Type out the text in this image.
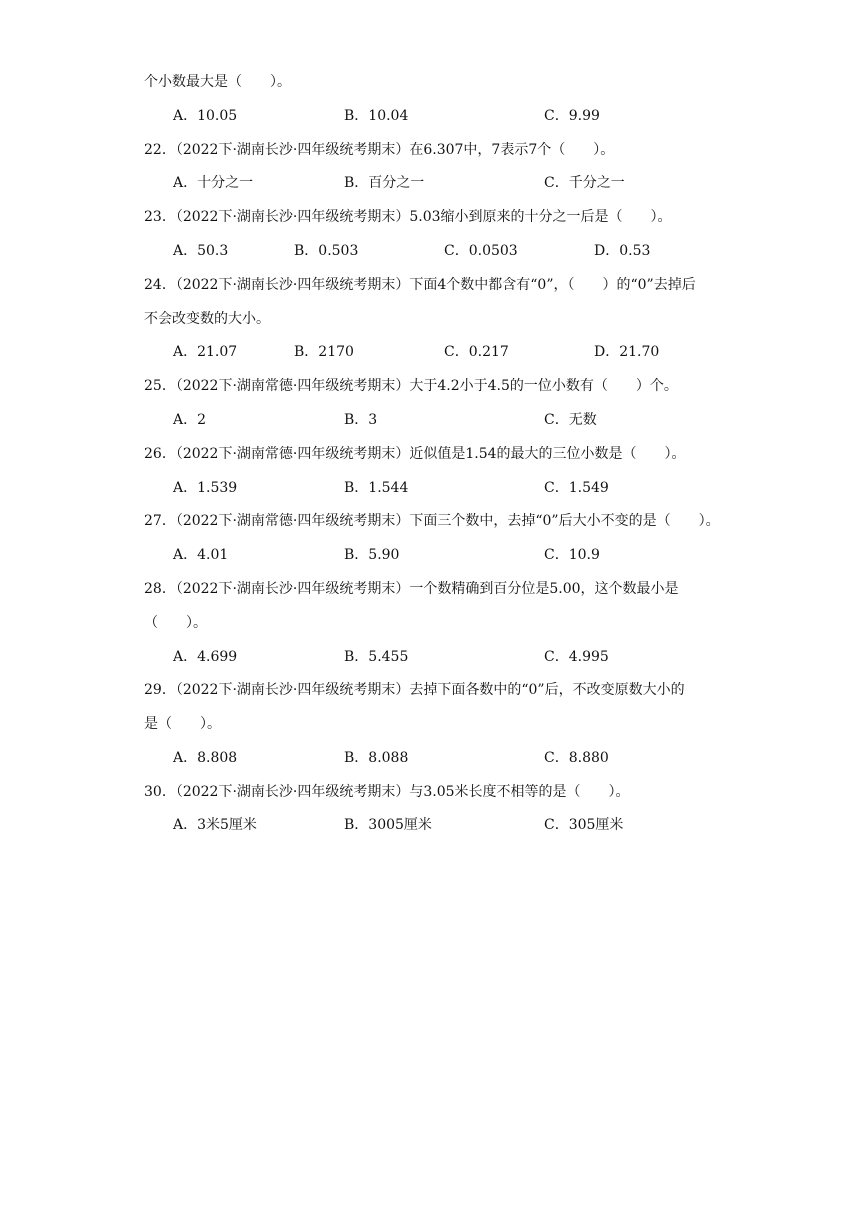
个小数最大是（　　）。
A．10.05	B．10.04	C．9.99
22．（2022下·湖南长沙·四年级统考期末）在6.307中，7表示7个（　　）。
A．十分之一	B．百分之一	C．千分之一
23．（2022下·湖南长沙·四年级统考期末）5.03缩小到原来的十分之一后是（　　）。
A．50.3	B．0.503	C．0.0503	D．0.53
24．（2022下·湖南长沙·四年级统考期末）下面4个数中都含有“0”，（　　）的“0”去掉后
不会改变数的大小。
A．21.07	B．2170	C．0.217	D．21.70
25．（2022下·湖南常德·四年级统考期末）大于4.2小于4.5的一位小数有（　　）个。
A．2	B．3	C．无数
26．（2022下·湖南常德·四年级统考期末）近似值是1.54的最大的三位小数是（　　）。
A．1.539	B．1.544	C．1.549
27．（2022下·湖南常德·四年级统考期末）下面三个数中，去掉“0”后大小不变的是（　　）。
A．4.01	B．5.90	C．10.9
28．（2022下·湖南长沙·四年级统考期末）一个数精确到百分位是5.00，这个数最小是
（　　）。
A．4.699	B．5.455	C．4.995
29．（2022下·湖南长沙·四年级统考期末）去掉下面各数中的“0”后，不改变原数大小的
是（　　）。
A．8.808	B．8.088	C．8.880
30．（2022下·湖南长沙·四年级统考期末）与3.05米长度不相等的是（　　）。
A．3米5厘米	B．3005厘米	C．305厘米
